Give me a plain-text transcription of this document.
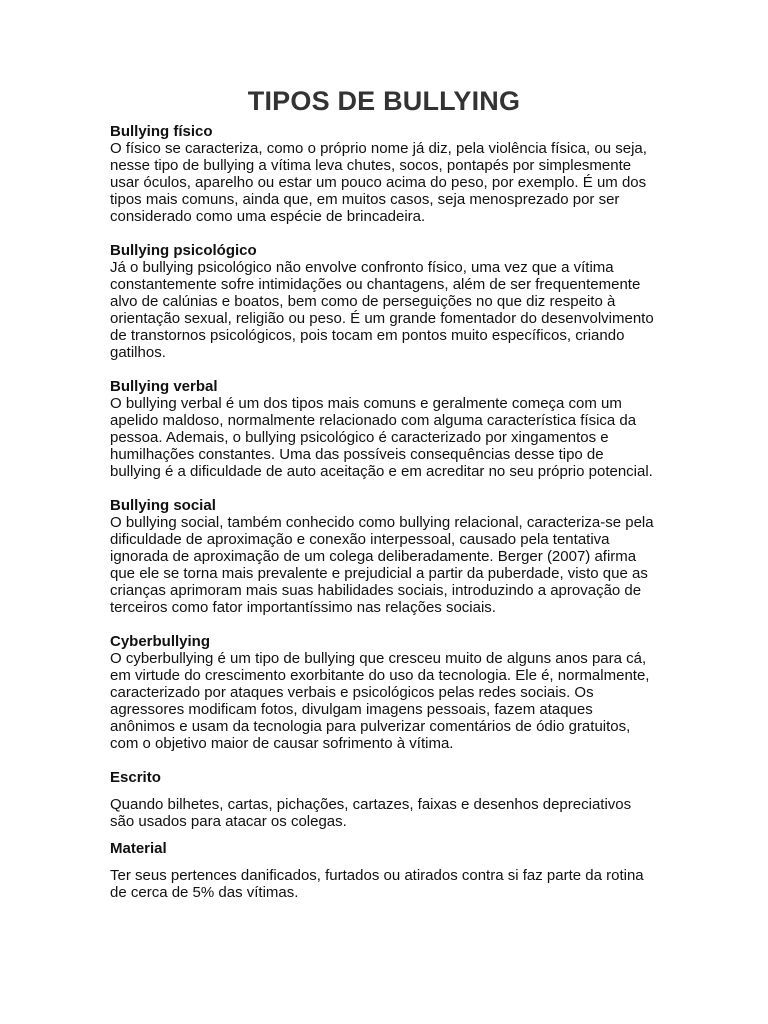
TIPOS DE BULLYING
Bullying físico
O físico se caracteriza, como o próprio nome já diz, pela violência física, ou seja, nesse tipo de bullying a vítima leva chutes, socos, pontapés por simplesmente usar óculos, aparelho ou estar um pouco acima do peso, por exemplo. É um dos tipos mais comuns, ainda que, em muitos casos, seja menosprezado por ser considerado como uma espécie de brincadeira.
Bullying psicológico
Já o bullying psicológico não envolve confronto físico, uma vez que a vítima constantemente sofre intimidações ou chantagens, além de ser frequentemente alvo de calúnias e boatos, bem como de perseguições no que diz respeito à orientação sexual, religião ou peso. É um grande fomentador do desenvolvimento de transtornos psicológicos, pois tocam em pontos muito específicos, criando gatilhos.
Bullying verbal
O bullying verbal é um dos tipos mais comuns e geralmente começa com um apelido maldoso, normalmente relacionado com alguma característica física da pessoa. Ademais, o bullying psicológico é caracterizado por xingamentos e humilhações constantes. Uma das possíveis consequências desse tipo de bullying é a dificuldade de auto aceitação e em acreditar no seu próprio potencial.
Bullying social
O bullying social, também conhecido como bullying relacional, caracteriza-se pela dificuldade de aproximação e conexão interpessoal, causado pela tentativa ignorada de aproximação de um colega deliberadamente. Berger (2007) afirma que ele se torna mais prevalente e prejudicial a partir da puberdade, visto que as crianças aprimoram mais suas habilidades sociais, introduzindo a aprovação de terceiros como fator importantíssimo nas relações sociais.
Cyberbullying
O cyberbullying é um tipo de bullying que cresceu muito de alguns anos para cá, em virtude do crescimento exorbitante do uso da tecnologia. Ele é, normalmente, caracterizado por ataques verbais e psicológicos pelas redes sociais. Os agressores modificam fotos, divulgam imagens pessoais, fazem ataques anônimos e usam da tecnologia para pulverizar comentários de ódio gratuitos, com o objetivo maior de causar sofrimento à vítima.
Escrito
Quando bilhetes, cartas, pichações, cartazes, faixas e desenhos depreciativos são usados para atacar os colegas.
Material
Ter seus pertences danificados, furtados ou atirados contra si faz parte da rotina de cerca de 5% das vítimas.
